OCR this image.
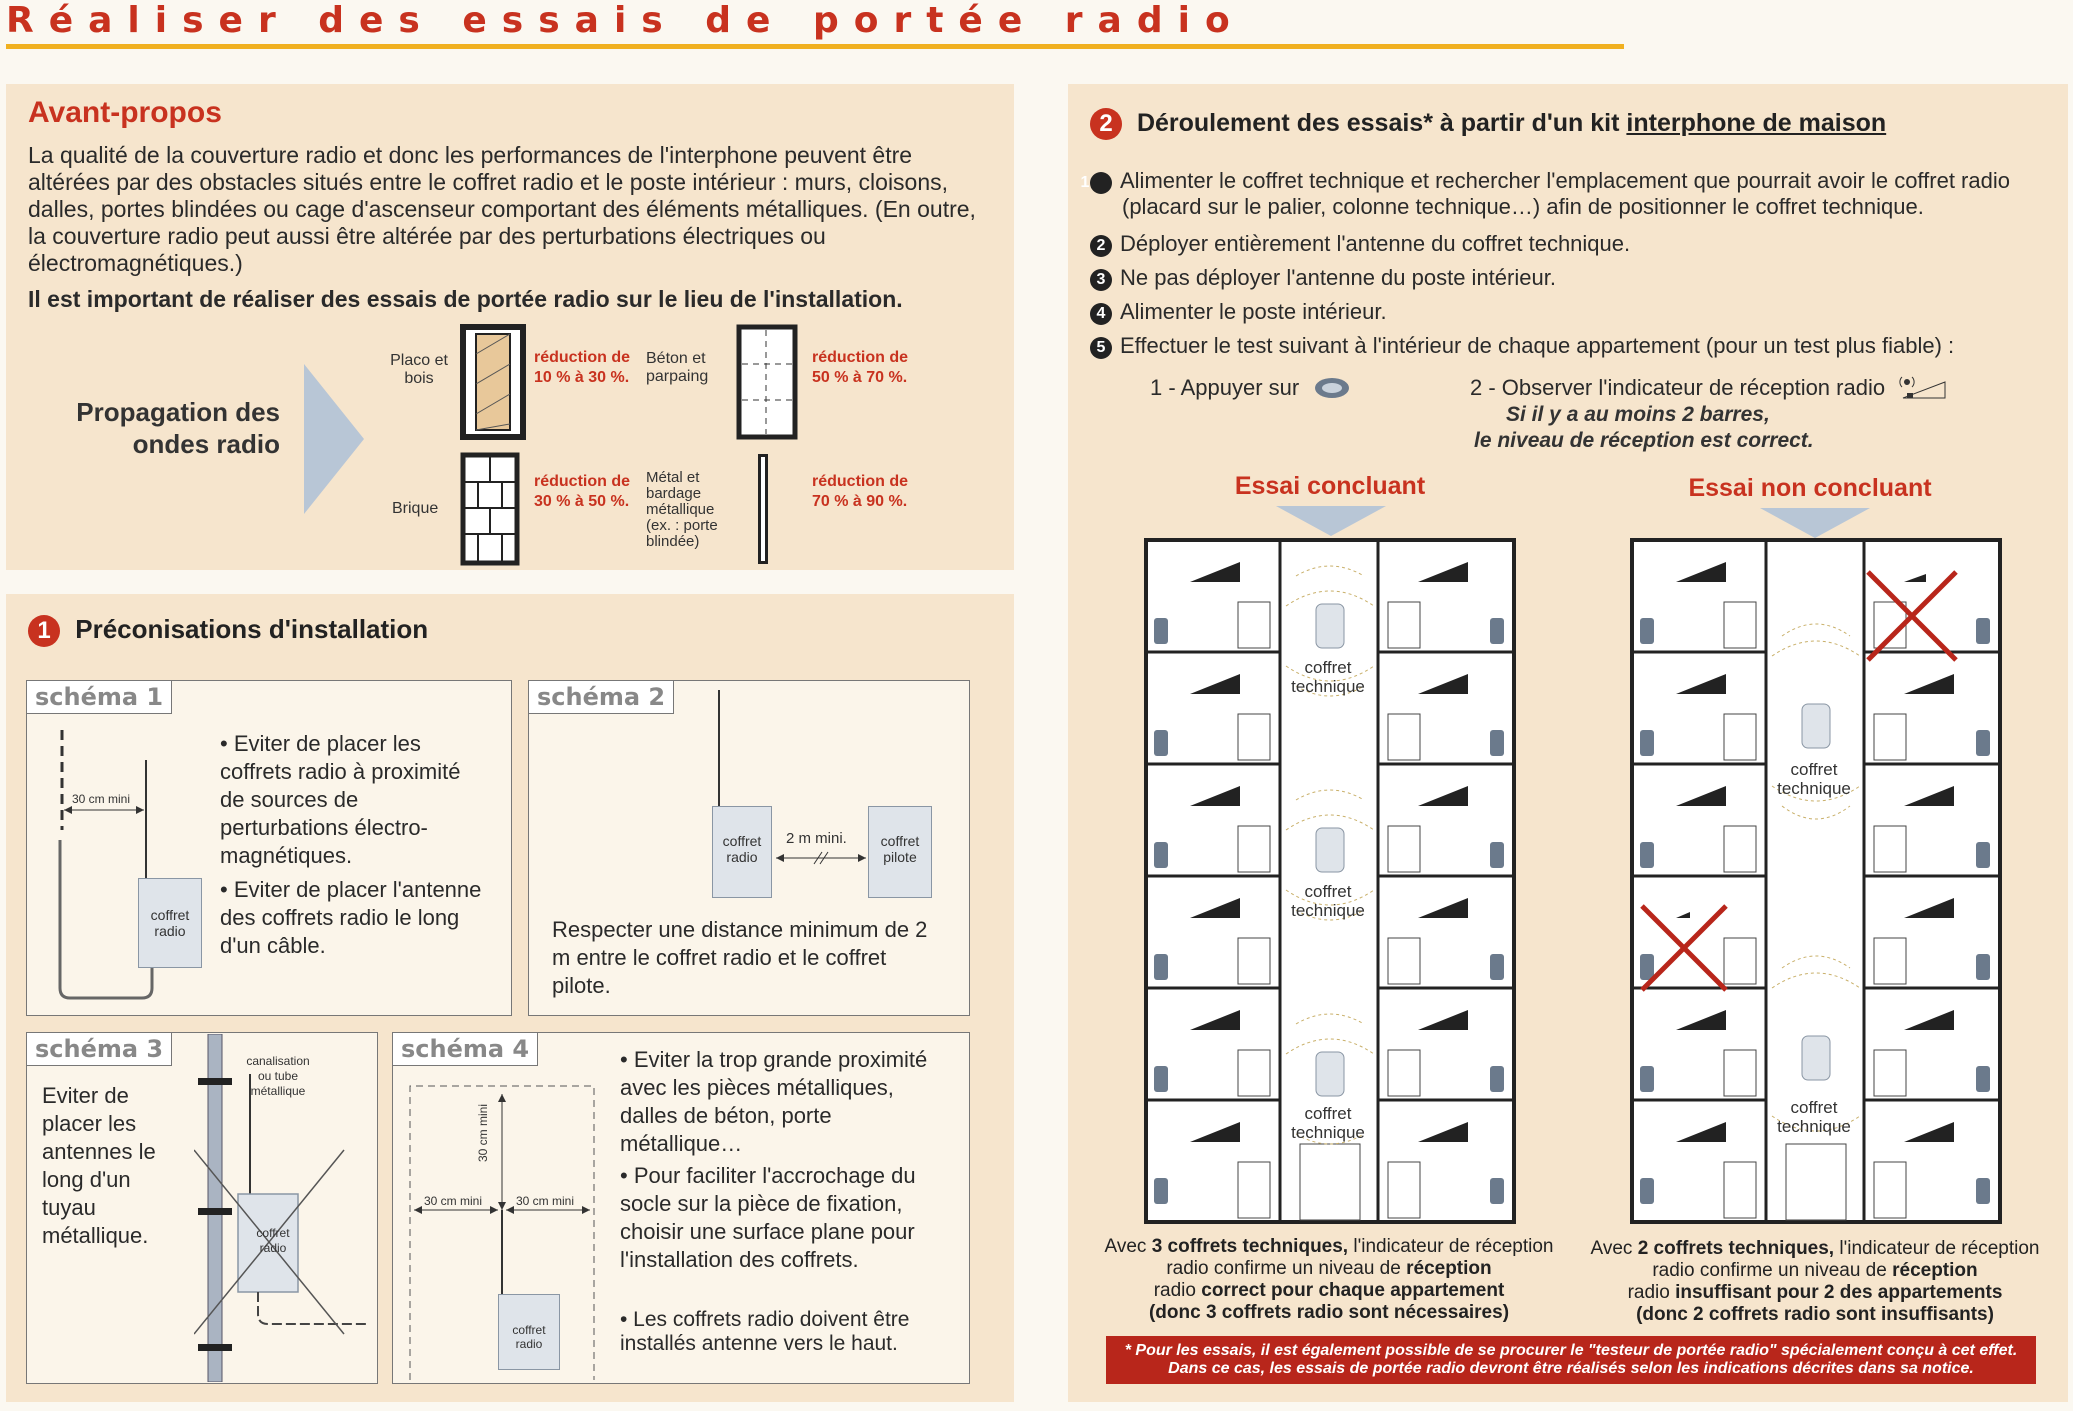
Réaliser des essais de portée radio
Avant-propos
La qualité de la couverture radio et donc les performances de l'interphone peuvent être altérées par des obstacles situés entre le coffret radio et le poste intérieur : murs, cloisons, dalles, portes blindées ou cage d'ascenseur comportant des éléments métalliques. (En outre, la couverture radio peut aussi être altérée par des perturbations électriques ou électromagnétiques.)
Il est important de réaliser des essais de portée radio sur le lieu de l'installation.
Propagation des ondes radio
Placo et bois
réduction de 10 % à 30 %.
Béton et parpaing
réduction de 50 % à 70 %.
Brique
réduction de 30 % à 50 %.
Métal et bardage métallique (ex. : porte blindée)
réduction de 70 % à 90 %.
1 Préconisations d'installation
schéma 1
30 cm mini
coffret radio
• Eviter de placer les coffrets radio à proximité de sources de perturbations électro-magnétiques.
• Eviter de placer l'antenne des coffrets radio le long d'un câble.
schéma 2
coffret radio
coffret pilote
2 m mini.
Respecter une distance minimum de 2 m entre le coffret radio et le coffret pilote.
schéma 3
Eviter de placer les antennes le long d'un tuyau métallique.
canalisation ou tube métallique
coffret radio
schéma 4
30 cm mini
30 cm mini	30 cm mini
coffret radio
• Eviter la trop grande proximité avec les pièces métalliques, dalles de béton, porte métallique…
• Pour faciliter l'accrochage du socle sur la pièce de fixation, choisir une surface plane pour l'installation des coffrets.
• Les coffrets radio doivent être installés antenne vers le haut.
2 Déroulement des essais* à partir d'un kit interphone de maison
1 Alimenter le coffret technique et rechercher l'emplacement que pourrait avoir le coffret radio (placard sur le palier, colonne technique…) afin de positionner le coffret technique.
2 Déployer entièrement l'antenne du coffret technique.
3 Ne pas déployer l'antenne du poste intérieur.
4 Alimenter le poste intérieur.
5 Effectuer le test suivant à l'intérieur de chaque appartement (pour un test plus fiable) :
1 - Appuyer sur	2 - Observer l'indicateur de réception radio
Si il y a au moins 2 barres,
le niveau de réception est correct.
Essai concluant	Essai non concluant
coffret technique
coffret technique
coffret technique
coffret technique
coffret technique
Avec 3 coffrets techniques, l'indicateur de réception radio confirme un niveau de réception
radio correct pour chaque appartement
(donc 3 coffrets radio sont nécessaires)
Avec 2 coffrets techniques, l'indicateur de réception radio confirme un niveau de réception
radio insuffisant pour 2 des appartements
(donc 2 coffrets radio sont insuffisants)
* Pour les essais, il est également possible de se procurer le "testeur de portée radio" spécialement conçu à cet effet. Dans ce cas, les essais de portée radio devront être réalisés selon les indications décrites dans sa notice.
